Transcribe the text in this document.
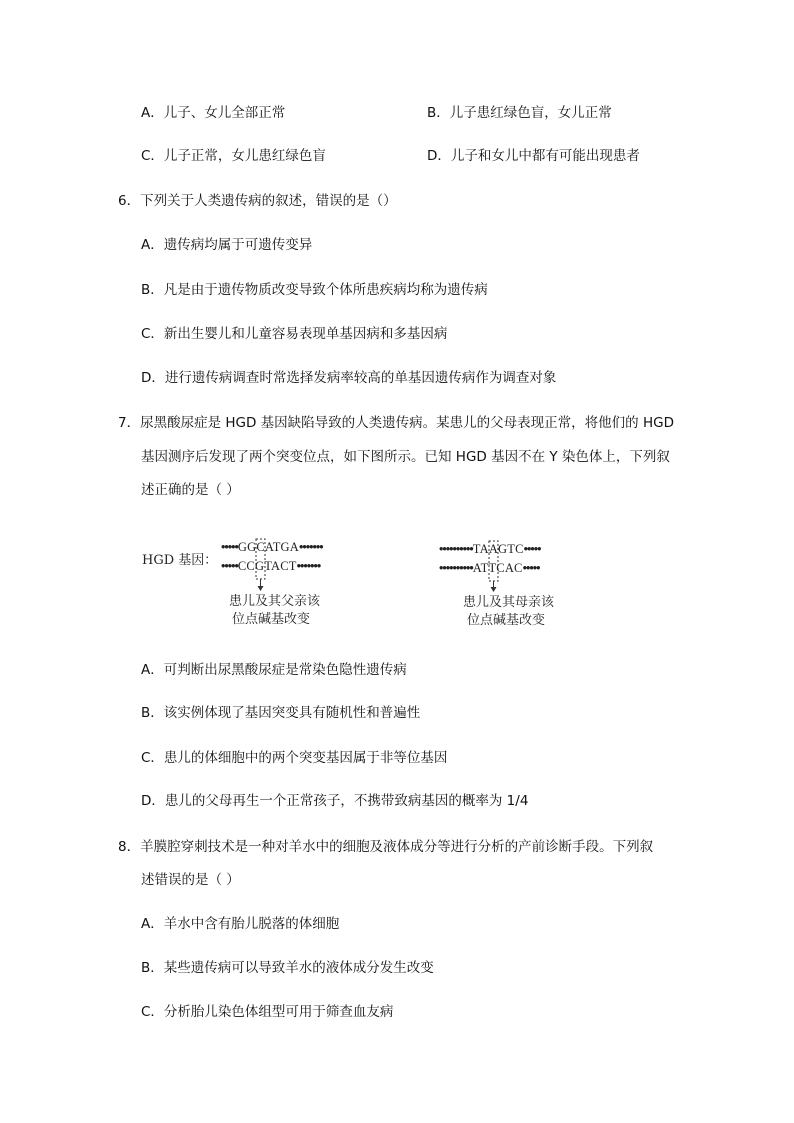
A．儿子、女儿全部正常	B．儿子患红绿色盲，女儿正常
C．儿子正常，女儿患红绿色盲	D．儿子和女儿中都有可能出现患者
6．下列关于人类遗传病的叙述，错误的是（）
A．遗传病均属于可遗传变异
B．凡是由于遗传物质改变导致个体所患疾病均称为遗传病
C．新出生婴儿和儿童容易表现单基因病和多基因病
D．进行遗传病调查时常选择发病率较高的单基因遗传病作为调查对象
7．尿黑酸尿症是 HGD 基因缺陷导致的人类遗传病。某患儿的父母表现正常，将他们的 HGD
基因测序后发现了两个突变位点，如下图所示。已知 HGD 基因不在 Y 染色体上，下列叙
述正确的是（ ）
HGD 基因：
•••••GGCATGA•••••••
•••••CCGTACT•••••••
患儿及其父亲该
位点碱基改变
••••••••••TAAGTC•••••
••••••••••ATTCAC•••••
患儿及其母亲该
位点碱基改变
A．可判断出尿黑酸尿症是常染色隐性遗传病
B．该实例体现了基因突变具有随机性和普遍性
C．患儿的体细胞中的两个突变基因属于非等位基因
D．患儿的父母再生一个正常孩子，不携带致病基因的概率为 1/4
8．羊膜腔穿刺技术是一种对羊水中的细胞及液体成分等进行分析的产前诊断手段。下列叙
述错误的是（ ）
A．羊水中含有胎儿脱落的体细胞
B．某些遗传病可以导致羊水的液体成分发生改变
C．分析胎儿染色体组型可用于筛查血友病
